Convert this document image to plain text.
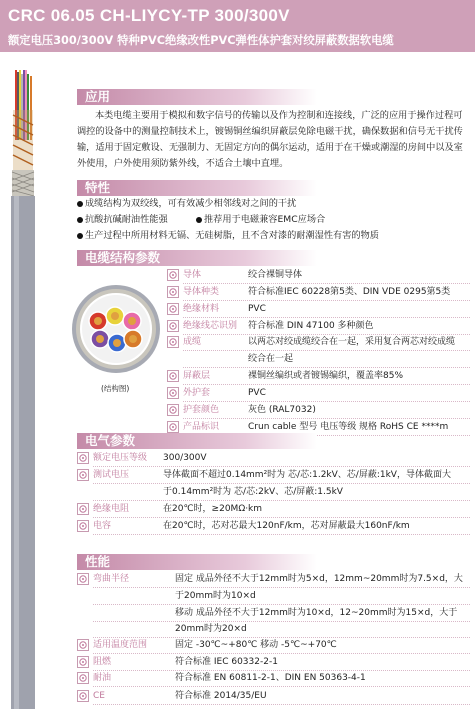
CRC 06.05 CH-LIYCY-TP 300/300V
额定电压300/300V 特种PVC绝缘改性PVC弹性体护套对绞屏蔽数据软电缆
应用
本类电缆主要用于模拟和数字信号的传输以及作为控制和连接线，广泛的应用于操作过程可调控的设备中的测量控制技术上，镀锡铜丝编织屏蔽层免除电磁干扰，确保数据和信号无干扰传输，适用于固定敷设、无强制力、无固定方向的偶尔运动，适用于在干燥或潮湿的房间中以及室外使用，户外使用须防紫外线，不适合土壤中直埋。
特性
成缆结构为双绞线，可有效减少相邻线对之间的干扰
抗酸抗碱耐油性能强	推荐用于电磁兼容EMC应场合
生产过程中所用材料无镉、无硅树脂，且不含对漆的耐潮湿性有害的物质
电缆结构参数
(结构图)
导体	绞合裸铜导体
导体种类	符合标准IEC 60228第5类、DIN VDE 0295第5类
绝缘材料	PVC
绝缘线芯识别 符合标准 DIN 47100 多种颜色
成缆	以两芯对绞成缆绞合在一起，采用复合两芯对绞成缆
绞合在一起
屏蔽层	裸铜丝编织或者镀锡编织，覆盖率85%
外护套	PVC
护套颜色	灰色 (RAL7032)
产品标识	Crun cable 型号 电压等级 规格 RoHS CE ****m
电气参数
额定电压等级 300/300V
测试电压	导体截面不超过0.14mm²时为 芯/芯:1.2kV、芯/屏蔽:1kV，导体截面大
于0.14mm²时为 芯/芯:2kV、芯/屏蔽:1.5kV
绝缘电阻	在20℃时，≥20MΩ·km
电容	在20℃时，芯对芯最大120nF/km，芯对屏蔽最大160nF/km
性能
弯曲半径	固定 成品外径不大于12mm时为5×d，12mm~20mm时为7.5×d，大
于20mm时为10×d
移动 成品外径不大于12mm时为10×d，12~20mm时为15×d，大于
20mm时为20×d
适用温度范围	固定 -30℃~+80℃ 移动 -5℃~+70℃
阻燃	符合标准 IEC 60332-2-1
耐油	符合标准 EN 60811-2-1、DIN EN 50363-4-1
CE	符合标准 2014/35/EU
